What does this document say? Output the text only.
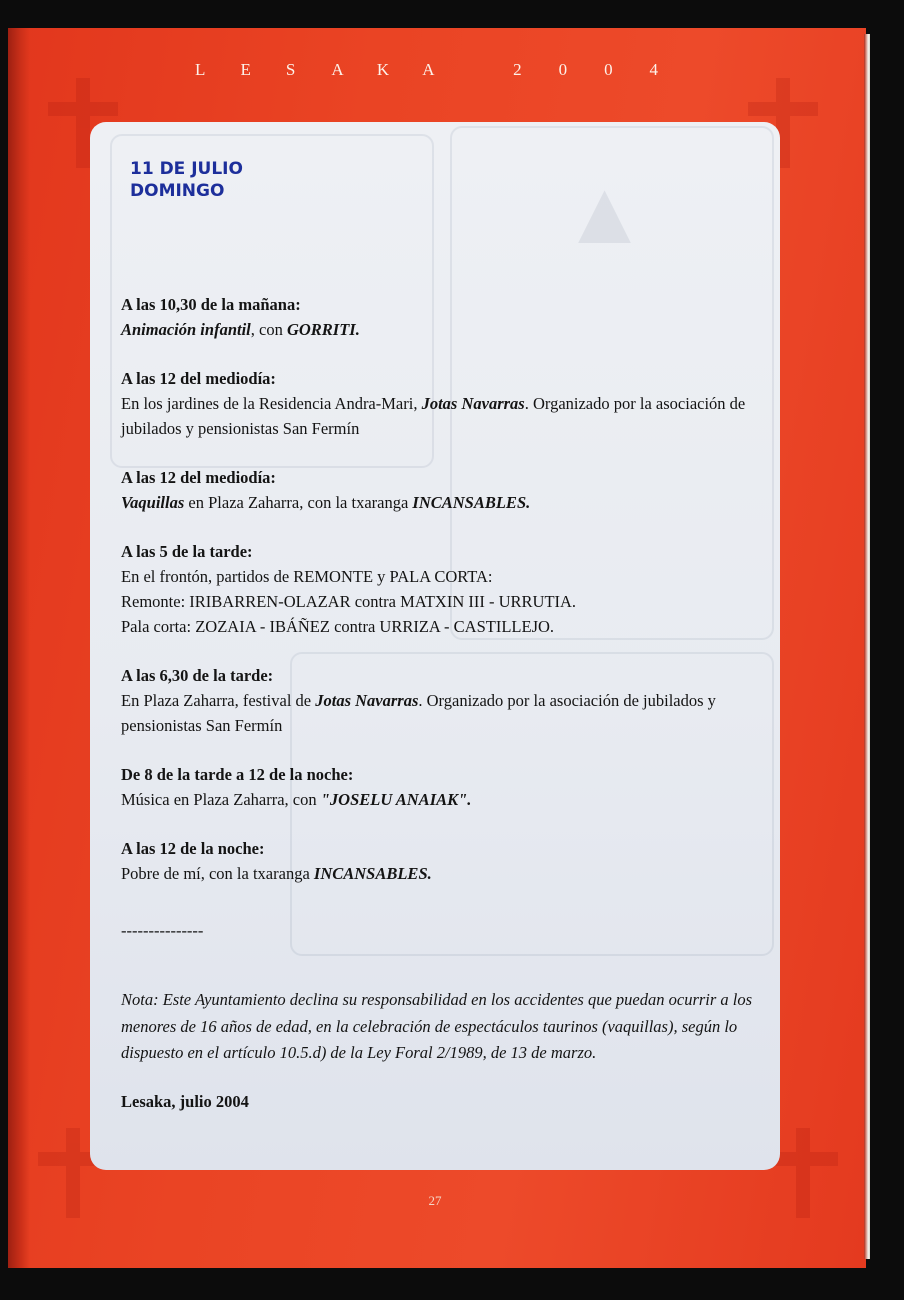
L	E	S	A	K	A	2	0	0	4
▲
11 DE JULIO
DOMINGO
A las 10,30 de la mañana:

Animación infantil, con GORRITI.

A las 12 del mediodía:

En los jardines de la Residencia Andra-Mari, Jotas Navarras. Organizado por la asociación de jubilados y pensionistas San Fermín

A las 12 del mediodía:

Vaquillas en Plaza Zaharra, con la txaranga INCANSABLES.

A las 5 de la tarde:

En el frontón, partidos de REMONTE y PALA CORTA:

Remonte: IRIBARREN-OLAZAR contra MATXIN III - URRUTIA.

Pala corta: ZOZAIA - IBÁÑEZ contra URRIZA - CASTILLEJO.

A las 6,30 de la tarde:

En Plaza Zaharra, festival de Jotas Navarras. Organizado por la asociación de jubilados y pensionistas San Fermín

De 8 de la tarde a 12 de la noche:

Música en Plaza Zaharra, con "JOSELU ANAIAK".

A las 12 de la noche:

Pobre de mí, con la txaranga INCANSABLES.

---------------
Nota: Este Ayuntamiento declina su responsabilidad en los accidentes que puedan ocurrir a los menores de 16 años de edad, en la celebración de espectáculos taurinos (vaquillas), según lo dispuesto en el artículo 10.5.d) de la Ley Foral 2/1989, de 13 de marzo.
Lesaka, julio 2004
27
